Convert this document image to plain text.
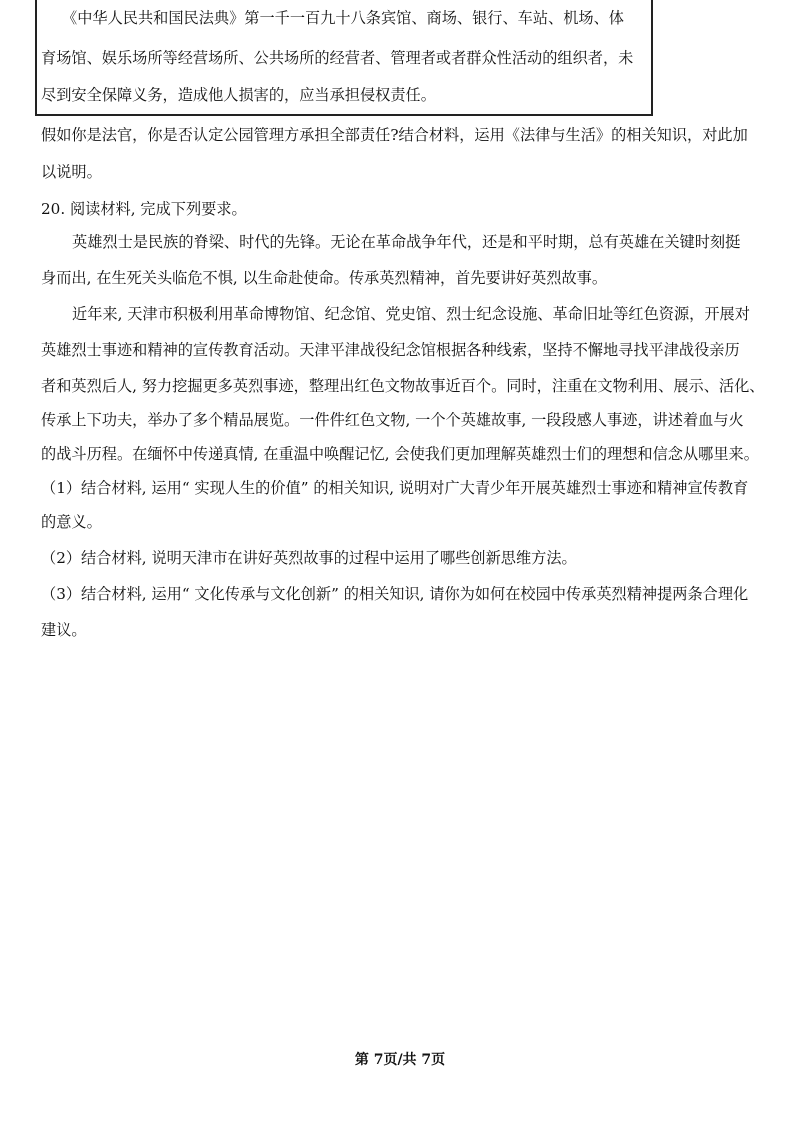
《中华人民共和国民法典》第一千一百九十八条宾馆、商场、银行、车站、机场、体
育场馆、娱乐场所等经营场所、公共场所的经营者、管理者或者群众性活动的组织者，未
尽到安全保障义务，造成他人损害的，应当承担侵权责任。
假如你是法官，你是否认定公园管理方承担全部责任?结合材料，运用《法律与生活》的相关知识，对此加
以说明。
20. 阅读材料, 完成下列要求。
英雄烈士是民族的脊梁、时代的先锋。无论在革命战争年代，还是和平时期，总有英雄在关键时刻挺
身而出, 在生死关头临危不惧, 以生命赴使命。传承英烈精神，首先要讲好英烈故事。
近年来, 天津市积极利用革命博物馆、纪念馆、党史馆、烈士纪念设施、革命旧址等红色资源，开展对
英雄烈士事迹和精神的宣传教育活动。天津平津战役纪念馆根据各种线索，坚持不懈地寻找平津战役亲历
者和英烈后人, 努力挖掘更多英烈事迹，整理出红色文物故事近百个。同时，注重在文物利用、展示、活化、
传承上下功夫，举办了多个精品展览。一件件红色文物, 一个个英雄故事, 一段段感人事迹，讲述着血与火
的战斗历程。在缅怀中传递真情, 在重温中唤醒记忆, 会使我们更加理解英雄烈士们的理想和信念从哪里来。
（1）结合材料, 运用“ 实现人生的价值” 的相关知识, 说明对广大青少年开展英雄烈士事迹和精神宣传教育
的意义。
（2）结合材料, 说明天津市在讲好英烈故事的过程中运用了哪些创新思维方法。
（3）结合材料, 运用“ 文化传承与文化创新” 的相关知识, 请你为如何在校园中传承英烈精神提两条合理化
建议。
第 7页/共 7页
